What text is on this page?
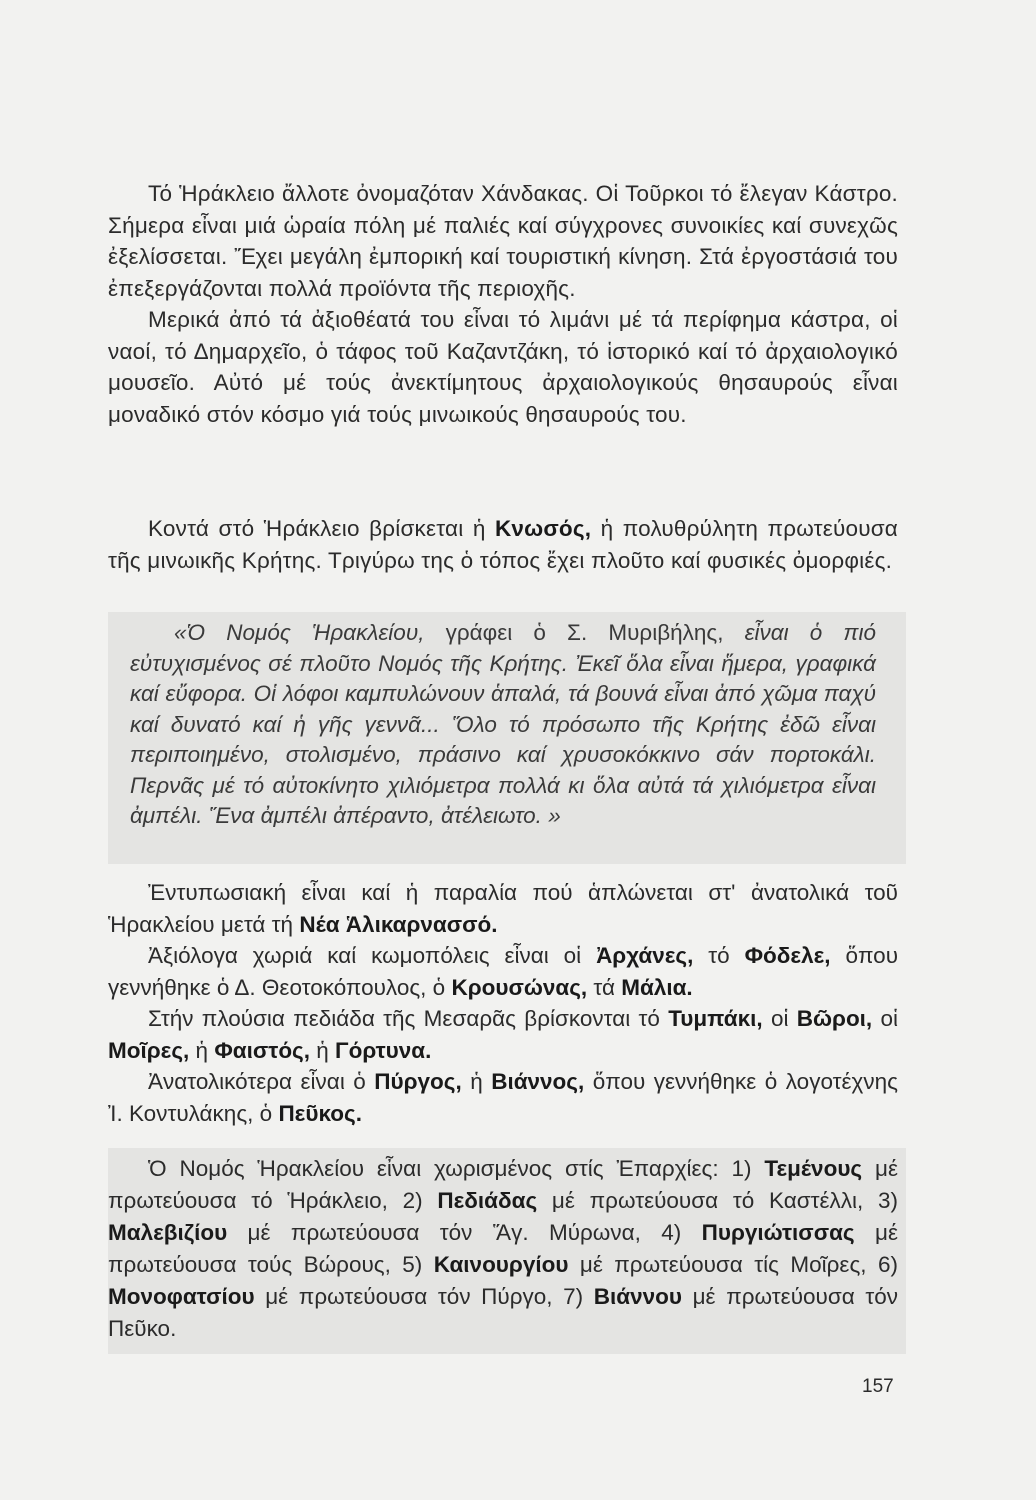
Τό Ἡράκλειο ἄλλοτε ὀνομαζόταν Χάνδακας. Οἱ Τοῦρκοι τό ἔλεγαν Κάστρο. Σήμερα εἶναι μιά ὡραία πόλη μέ παλιές καί σύγχρονες συνοικίες καί συνεχῶς ἐξελίσσεται. Ἔχει μεγάλη ἐμπορική καί τουριστική κίνηση. Στά ἐργοστάσιά του ἐπεξεργάζονται πολλά προϊόντα τῆς περιοχῆς.

Μερικά ἀπό τά ἀξιοθέατά του εἶναι τό λιμάνι μέ τά περίφημα κάστρα, οἱ ναοί, τό Δημαρχεῖο, ὁ τάφος τοῦ Καζαντζάκη, τό ἱστορικό καί τό ἀρχαιολογικό μουσεῖο. Αὐτό μέ τούς ἀνεκτίμητους ἀρχαιολογικούς θησαυρούς εἶναι μοναδικό στόν κόσμο γιά τούς μινωικούς θησαυρούς του.

Κοντά στό Ἡράκλειο βρίσκεται ἡ Κνωσός, ἡ πολυθρύλητη πρωτεύουσα τῆς μινωικῆς Κρήτης. Τριγύρω της ὁ τόπος ἔχει πλοῦτο καί φυσικές ὀμορφιές.

«Ὁ Νομός Ἡρακλείου, γράφει ὁ Σ. Μυριβήλης, εἶναι ὁ πιό εὐτυχισμένος σέ πλοῦτο Νομός τῆς Κρήτης. Ἐκεῖ ὅλα εἶναι ἥμερα, γραφικά καί εὔφορα. Οἱ λόφοι καμπυλώνουν ἁπαλά, τά βουνά εἶναι ἀπό χῶμα παχύ καί δυνατό καί ἡ γῆς γεννᾶ... Ὅλο τό πρόσωπο τῆς Κρήτης ἐδῶ εἶναι περιποιημένο, στολισμένο, πράσινο καί χρυσοκόκκινο σάν πορτοκάλι. Περνᾶς μέ τό αὐτοκίνητο χιλιόμετρα πολλά κι ὅλα αὐτά τά χιλιόμετρα εἶναι ἀμπέλι. Ἕνα ἀμπέλι ἀπέραντο, ἀτέλειωτο. »

Ἐντυπωσιακή εἶναι καί ἡ παραλία πού ἁπλώνεται στ' ἀνατολικά τοῦ Ἡρακλείου μετά τή Νέα Ἁλικαρνασσό.

Ἀξιόλογα χωριά καί κωμοπόλεις εἶναι οἱ Ἀρχάνες, τό Φόδελε, ὅπου γεννήθηκε ὁ Δ. Θεοτοκόπουλος, ὁ Κρουσώνας, τά Μάλια.

Στήν πλούσια πεδιάδα τῆς Μεσαρᾶς βρίσκονται τό Τυμπάκι, οἱ Βῶροι, οἱ Μοῖρες, ἡ Φαιστός, ἡ Γόρτυνα.

Ἀνατολικότερα εἶναι ὁ Πύργος, ἡ Βιάννος, ὅπου γεννήθηκε ὁ λογοτέχνης Ἰ. Κοντυλάκης, ὁ Πεῦκος.

Ὁ Νομός Ἡρακλείου εἶναι χωρισμένος στίς Ἐπαρχίες: 1) Τεμένους μέ πρωτεύουσα τό Ἡράκλειο, 2) Πεδιάδας μέ πρωτεύουσα τό Καστέλλι, 3) Μαλεβιζίου μέ πρωτεύουσα τόν Ἅγ. Μύρωνα, 4) Πυργιώτισσας μέ πρωτεύουσα τούς Βώρους, 5) Καινουργίου μέ πρωτεύουσα τίς Μοῖρες, 6) Μονοφατσίου μέ πρωτεύουσα τόν Πύργο, 7) Βιάννου μέ πρωτεύουσα τόν Πεῦκο.

157
